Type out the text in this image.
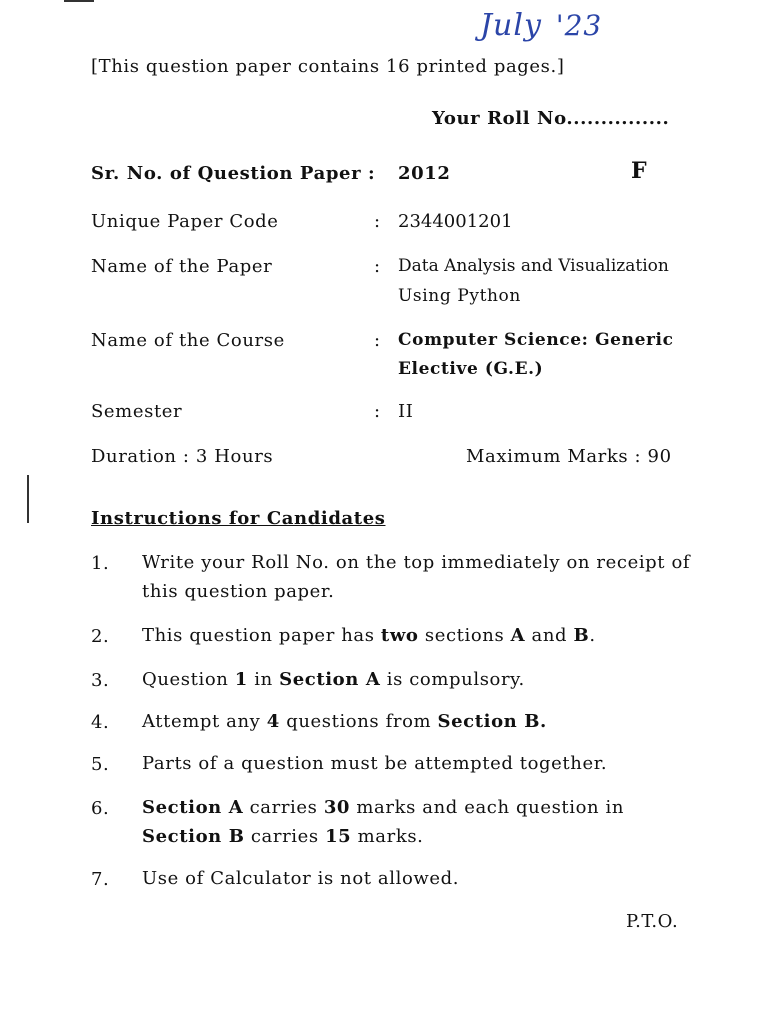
July '23
[This question paper contains 16 printed pages.]
Your Roll No...............
Sr. No. of Question Paper : 2012	F
Unique Paper Code	: 2344001201
Name of the Paper	: Data Analysis and Visualization
Using Python
Name of the Course	: Computer Science: Generic
Elective (G.E.)
Semester	: II
Duration : 3 Hours	Maximum Marks : 90
Instructions for Candidates
1. Write your Roll No. on the top immediately on receipt of this question paper.
2. This question paper has two sections A and B.
3. Question 1 in Section A is compulsory.
4. Attempt any 4 questions from Section B.
5. Parts of a question must be attempted together.
6. Section A carries 30 marks and each question in Section B carries 15 marks.
7. Use of Calculator is not allowed.
P.T.O.
